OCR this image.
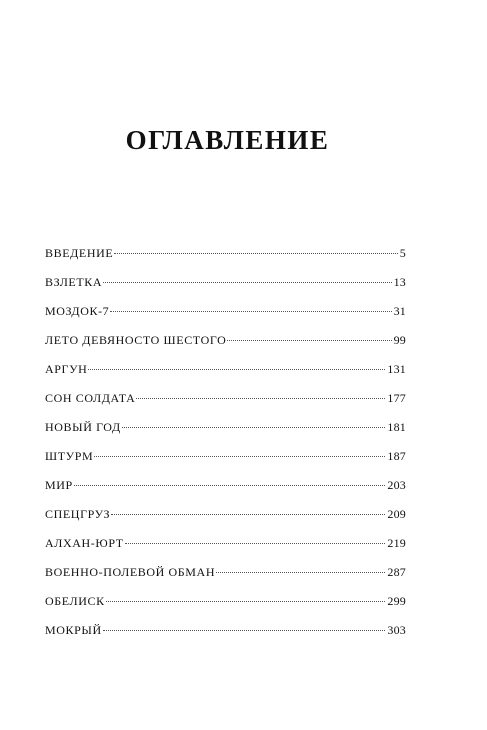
ОГЛАВЛЕНИЕ
ВВЕДЕНИЕ	5
ВЗЛЕТКА	13
МОЗДОК-7	31
ЛЕТО ДЕВЯНОСТО ШЕСТОГО	99
АРГУН	131
СОН СОЛДАТА	177
НОВЫЙ ГОД	181
ШТУРМ	187
МИР	203
СПЕЦГРУЗ	209
АЛХАН-ЮРТ	219
ВОЕННО-ПОЛЕВОЙ ОБМАН	287
ОБЕЛИСК	299
МОКРЫЙ	303
